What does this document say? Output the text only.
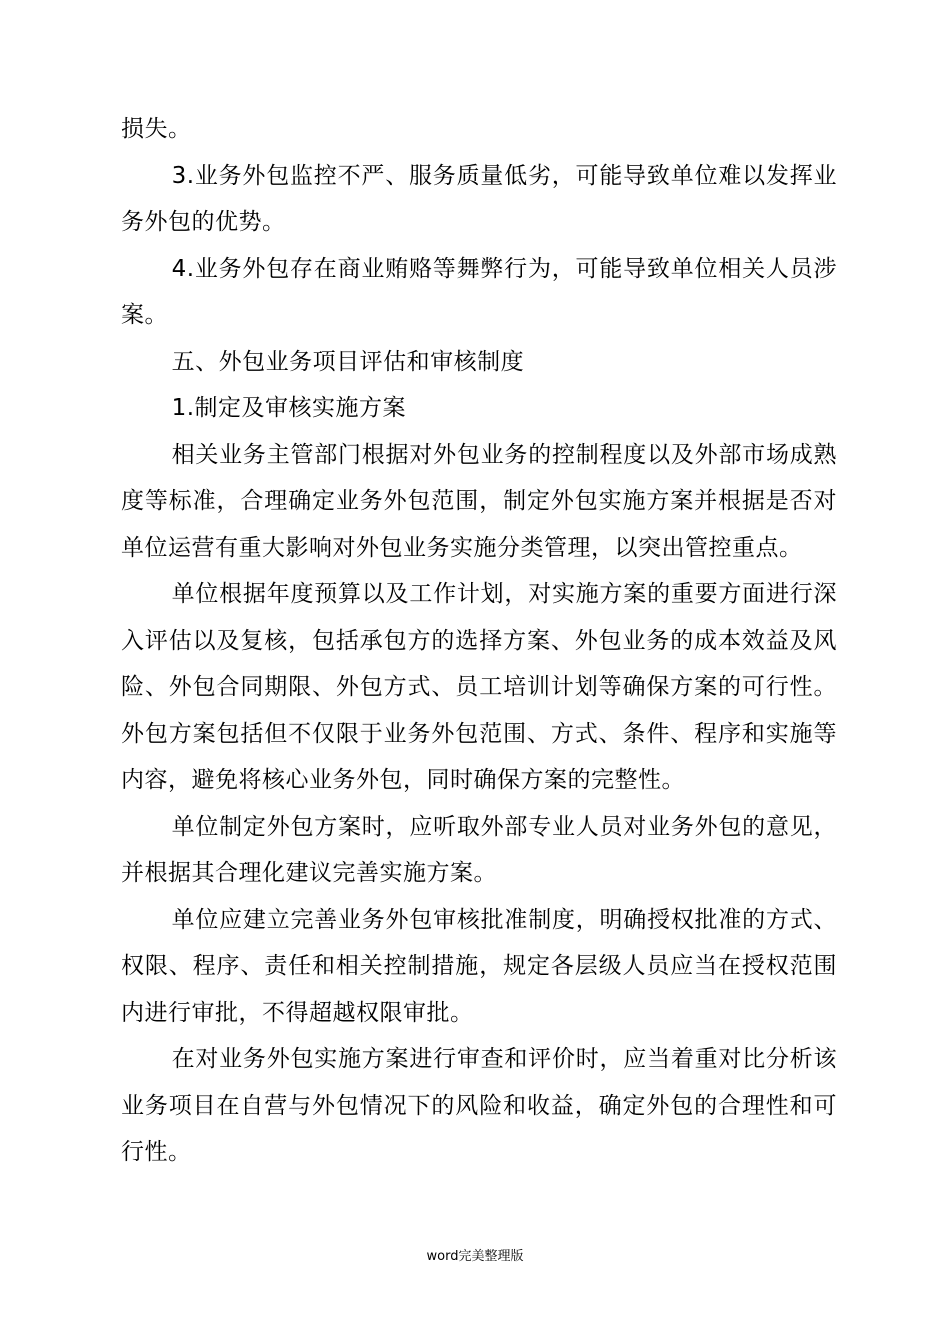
损失。

3.业务外包监控不严、服务质量低劣，可能导致单位难以发挥业务外包的优势。

4.业务外包存在商业贿赂等舞弊行为，可能导致单位相关人员涉案。

五、外包业务项目评估和审核制度

1.制定及审核实施方案

相关业务主管部门根据对外包业务的控制程度以及外部市场成熟度等标准，合理确定业务外包范围，制定外包实施方案并根据是否对单位运营有重大影响对外包业务实施分类管理，以突出管控重点。

单位根据年度预算以及工作计划，对实施方案的重要方面进行深入评估以及复核，包括承包方的选择方案、外包业务的成本效益及风险、外包合同期限、外包方式、员工培训计划等确保方案的可行性。外包方案包括但不仅限于业务外包范围、方式、条件、程序和实施等内容，避免将核心业务外包，同时确保方案的完整性。

单位制定外包方案时，应听取外部专业人员对业务外包的意见，并根据其合理化建议完善实施方案。

单位应建立完善业务外包审核批准制度，明确授权批准的方式、权限、程序、责任和相关控制措施，规定各层级人员应当在授权范围内进行审批，不得超越权限审批。

在对业务外包实施方案进行审查和评价时，应当着重对比分析该业务项目在自营与外包情况下的风险和收益，确定外包的合理性和可行性。

word完美整理版
